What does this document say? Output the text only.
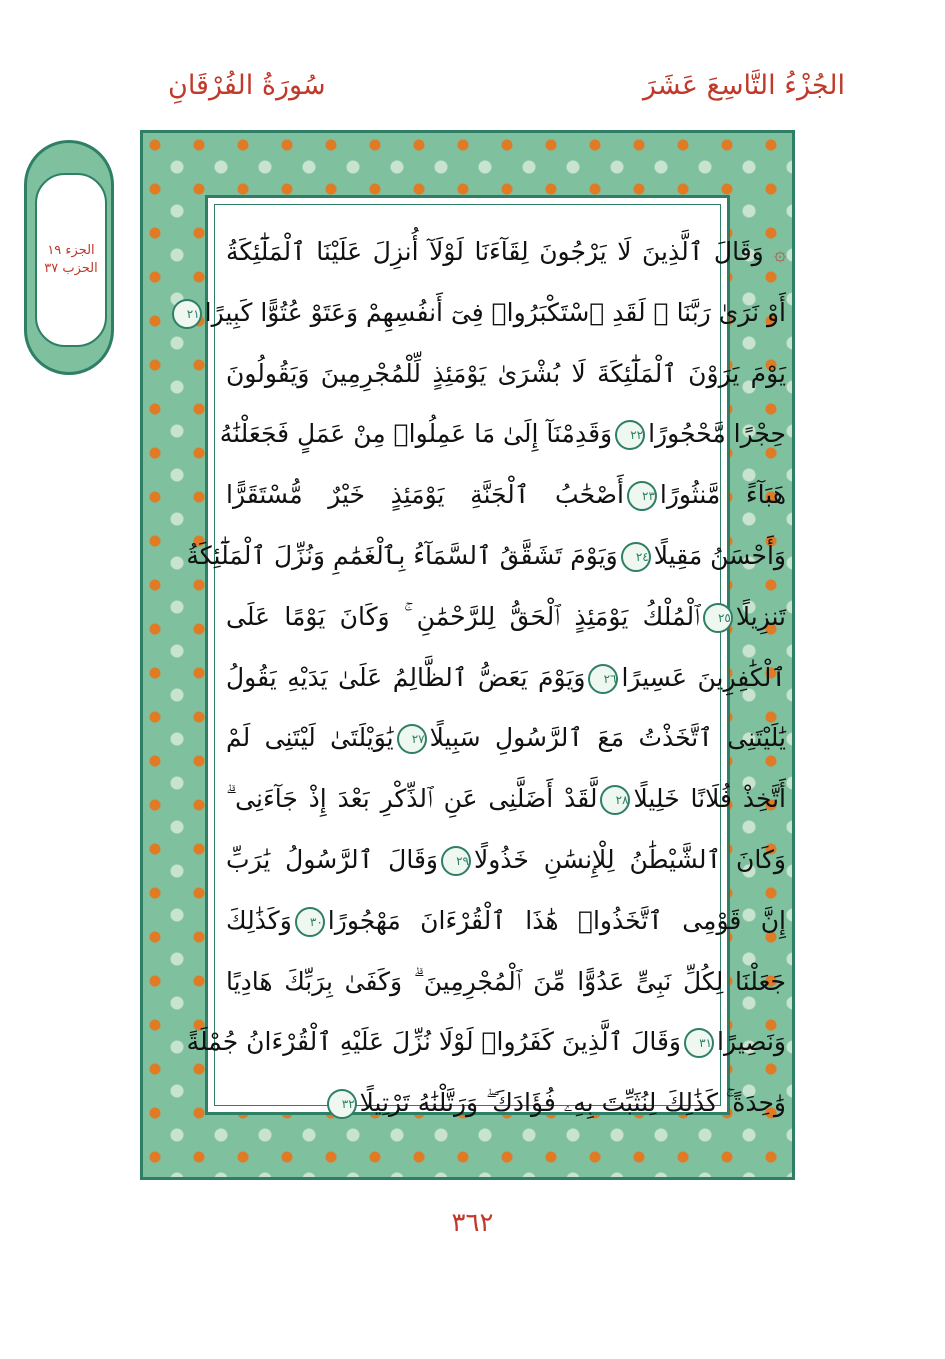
الجُزْءُ التَّاسِعَ عَشَرَ
سُورَةُ الفُرْقَانِ
الجزء ١٩
الحزب ٣٧
۞ وَقَالَ ٱلَّذِينَ لَا يَرْجُونَ لِقَآءَنَا لَوْلَآ أُنزِلَ عَلَيْنَا ٱلْمَلَٰٓئِكَةُ
أَوْ نَرَىٰ رَبَّنَا ۗ لَقَدِ ٱسْتَكْبَرُوا۟ فِىٓ أَنفُسِهِمْ وَعَتَوْ عُتُوًّا كَبِيرًا٢١
يَوْمَ يَرَوْنَ ٱلْمَلَٰٓئِكَةَ لَا بُشْرَىٰ يَوْمَئِذٍ لِّلْمُجْرِمِينَ وَيَقُولُونَ
حِجْرًا مَّحْجُورًا٢٢وَقَدِمْنَآ إِلَىٰ مَا عَمِلُوا۟ مِنْ عَمَلٍ فَجَعَلْنَٰهُ
هَبَآءً مَّنثُورًا٢٣أَصْحَٰبُ ٱلْجَنَّةِ يَوْمَئِذٍ خَيْرٌ مُّسْتَقَرًّا
وَأَحْسَنُ مَقِيلًا٢٤وَيَوْمَ تَشَقَّقُ ٱلسَّمَآءُ بِٱلْغَمَٰمِ وَنُزِّلَ ٱلْمَلَٰٓئِكَةُ
تَنزِيلًا٢٥ٱلْمُلْكُ يَوْمَئِذٍ ٱلْحَقُّ لِلرَّحْمَٰنِ ۚ وَكَانَ يَوْمًا عَلَى
ٱلْكَٰفِرِينَ عَسِيرًا٢٦وَيَوْمَ يَعَضُّ ٱلظَّالِمُ عَلَىٰ يَدَيْهِ يَقُولُ
يَٰلَيْتَنِى ٱتَّخَذْتُ مَعَ ٱلرَّسُولِ سَبِيلًا٢٧يَٰوَيْلَتَىٰ لَيْتَنِى لَمْ
أَتَّخِذْ فُلَانًا خَلِيلًا٢٨لَّقَدْ أَضَلَّنِى عَنِ ٱلذِّكْرِ بَعْدَ إِذْ جَآءَنِى ۗ
وَكَانَ ٱلشَّيْطَٰنُ لِلْإِنسَٰنِ خَذُولًا٢٩وَقَالَ ٱلرَّسُولُ يَٰرَبِّ
إِنَّ قَوْمِى ٱتَّخَذُوا۟ هَٰذَا ٱلْقُرْءَانَ مَهْجُورًا٣٠وَكَذَٰلِكَ
جَعَلْنَا لِكُلِّ نَبِىٍّ عَدُوًّا مِّنَ ٱلْمُجْرِمِينَ ۗ وَكَفَىٰ بِرَبِّكَ هَادِيًا
وَنَصِيرًا٣١وَقَالَ ٱلَّذِينَ كَفَرُوا۟ لَوْلَا نُزِّلَ عَلَيْهِ ٱلْقُرْءَانُ جُمْلَةً
وَٰحِدَةً ۚ كَذَٰلِكَ لِنُثَبِّتَ بِهِۦ فُؤَادَكَ ۖ وَرَتَّلْنَٰهُ تَرْتِيلًا٣٢
٣٦٢
